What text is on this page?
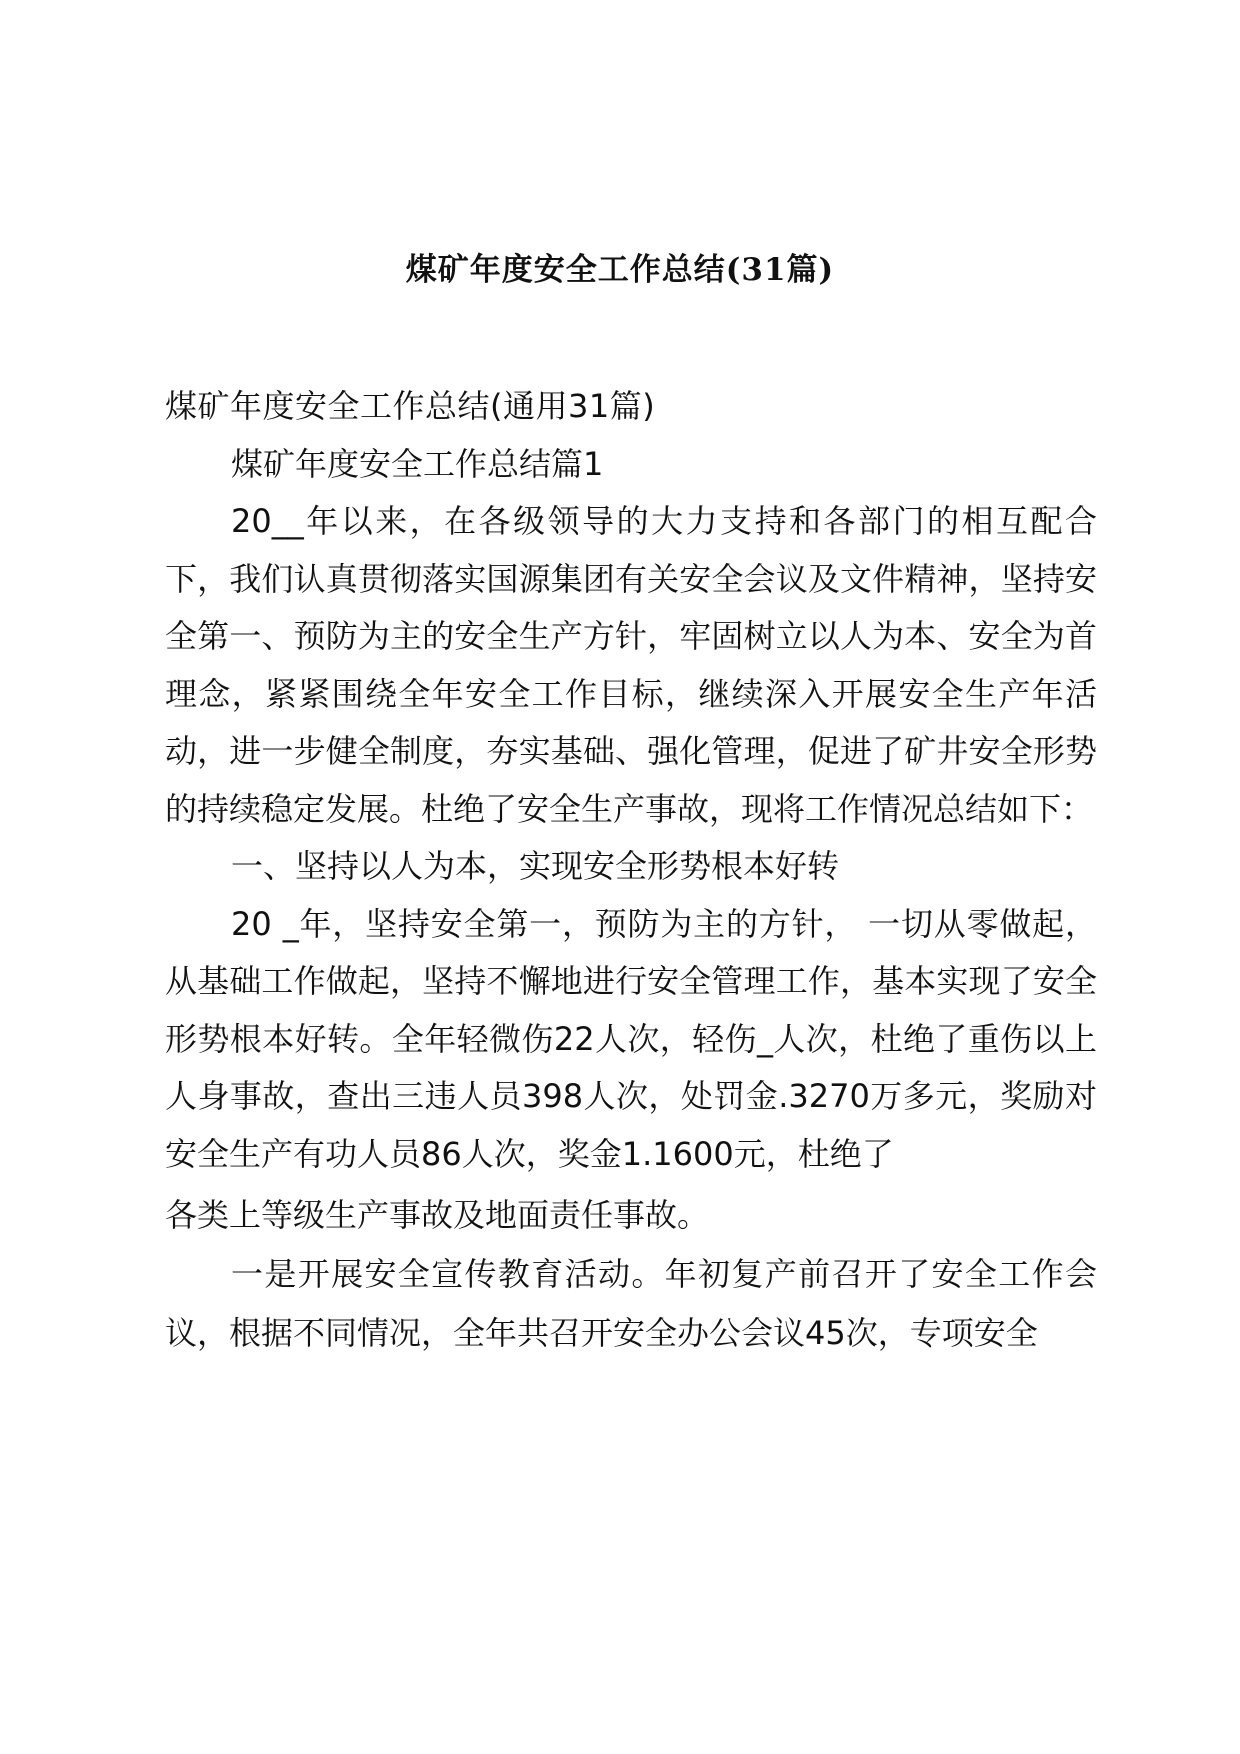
煤矿年度安全工作总结(31篇)

煤矿年度安全工作总结(通用31篇)

煤矿年度安全工作总结篇1

20__年以来，在各级领导的大力支持和各部门的相互配合下，我们认真贯彻落实国源集团有关安全会议及文件精神，坚持安全第一、预防为主的安全生产方针，牢固树立以人为本、安全为首理念，紧紧围绕全年安全工作目标，继续深入开展安全生产年活动，进一步健全制度，夯实基础、强化管理，促进了矿井安全形势的持续稳定发展。杜绝了安全生产事故，现将工作情况总结如下：

一、坚持以人为本，实现安全形势根本好转

20 _年，坚持安全第一，预防为主的方针， 一切从零做起，从基础工作做起，坚持不懈地进行安全管理工作，基本实现了安全形势根本好转。全年轻微伤22人次，轻伤_人次，杜绝了重伤以上人身事故，查出三违人员398人次，处罚金.3270万多元，奖励对安全生产有功人员86人次，奖金1.1600元，杜绝了

各类上等级生产事故及地面责任事故。

一是开展安全宣传教育活动。年初复产前召开了安全工作会议，根据不同情况，全年共召开安全办公会议45次，专项安全
